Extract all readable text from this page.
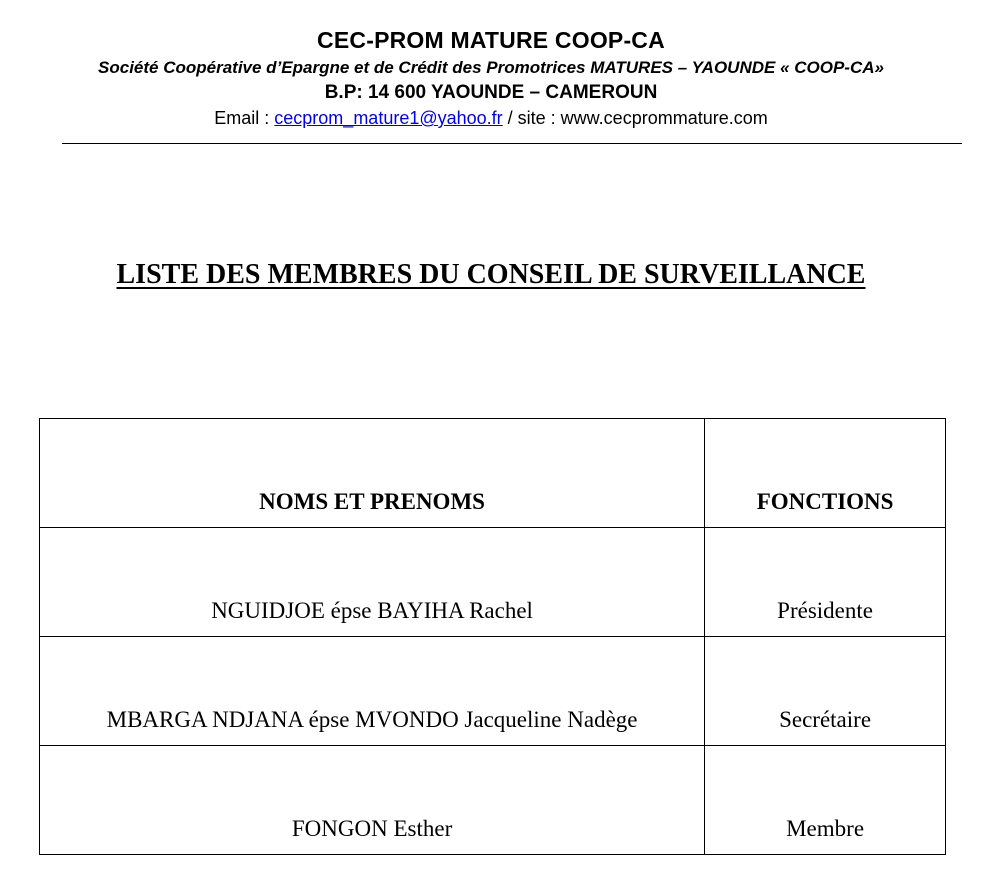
CEC-PROM MATURE COOP-CA
Société Coopérative d’Epargne et de Crédit des Promotrices MATURES – YAOUNDE « COOP-CA»
B.P: 14 600 YAOUNDE – CAMEROUN
Email : cecprom_mature1@yahoo.fr / site : www.cecprommature.com
LISTE DES MEMBRES DU CONSEIL DE SURVEILLANCE
NOMS ET PRENOMS	FONCTIONS
NGUIDJOE épse BAYIHA Rachel	Présidente
MBARGA NDJANA épse MVONDO Jacqueline Nadège	Secrétaire
FONGON Esther	Membre
